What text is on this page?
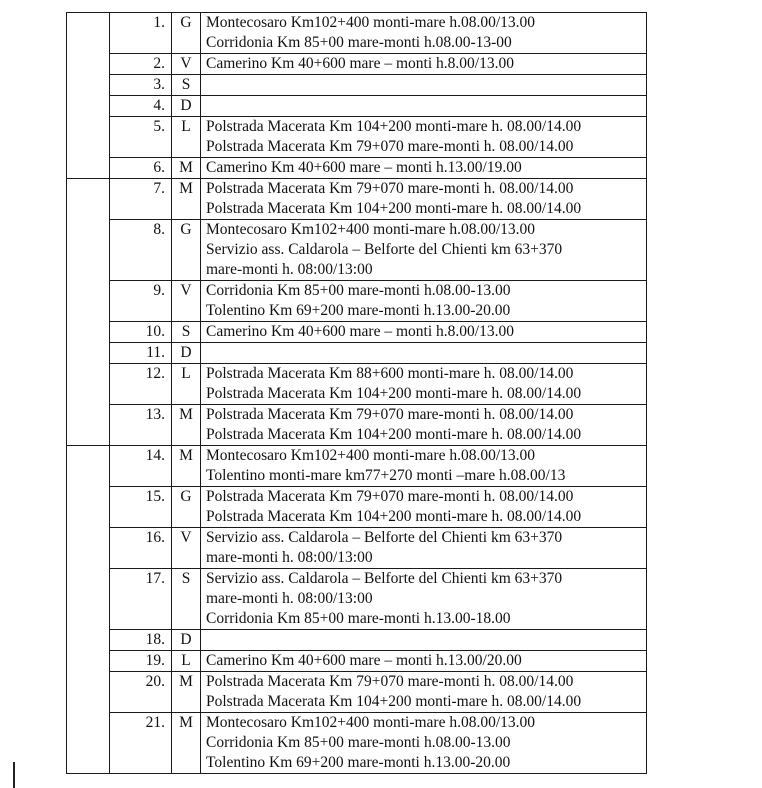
	1.	G	Montecosaro Km102+400 monti-mare h.08.00/13.00
Corridonia Km 85+00 mare-monti h.08.00-13-00

	2.	V	Camerino Km 40+600 mare – monti h.8.00/13.00

	3.	S	

	4.	D	

	5.	L	Polstrada Macerata Km 104+200 monti-mare h. 08.00/14.00
Polstrada Macerata Km 79+070 mare-monti h. 08.00/14.00

	6.	M	Camerino Km 40+600 mare – monti h.13.00/19.00

	7.	M	Polstrada Macerata Km 79+070 mare-monti h. 08.00/14.00
Polstrada Macerata Km 104+200 monti-mare h. 08.00/14.00

	8.	G	Montecosaro Km102+400 monti-mare h.08.00/13.00
Servizio ass. Caldarola – Belforte del Chienti km 63+370
mare-monti h. 08:00/13:00

	9.	V	Corridonia Km 85+00 mare-monti h.08.00-13.00
Tolentino Km 69+200 mare-monti h.13.00-20.00

	10.	S	Camerino Km 40+600 mare – monti h.8.00/13.00

	11.	D	

	12.	L	Polstrada Macerata Km 88+600 monti-mare h. 08.00/14.00
Polstrada Macerata Km 104+200 monti-mare h. 08.00/14.00

	13.	M	Polstrada Macerata Km 79+070 mare-monti h. 08.00/14.00
Polstrada Macerata Km 104+200 monti-mare h. 08.00/14.00

	14.	M	Montecosaro Km102+400 monti-mare h.08.00/13.00
Tolentino monti-mare km77+270 monti –mare h.08.00/13

	15.	G	Polstrada Macerata Km 79+070 mare-monti h. 08.00/14.00
Polstrada Macerata Km 104+200 monti-mare h. 08.00/14.00

	16.	V	Servizio ass. Caldarola – Belforte del Chienti km 63+370
mare-monti h. 08:00/13:00

	17.	S	Servizio ass. Caldarola – Belforte del Chienti km 63+370
mare-monti h. 08:00/13:00
Corridonia Km 85+00 mare-monti h.13.00-18.00

	18.	D	

	19.	L	Camerino Km 40+600 mare – monti h.13.00/20.00

	20.	M	Polstrada Macerata Km 79+070 mare-monti h. 08.00/14.00
Polstrada Macerata Km 104+200 monti-mare h. 08.00/14.00

	21.	M	Montecosaro Km102+400 monti-mare h.08.00/13.00
Corridonia Km 85+00 mare-monti h.08.00-13.00
Tolentino Km 69+200 mare-monti h.13.00-20.00
